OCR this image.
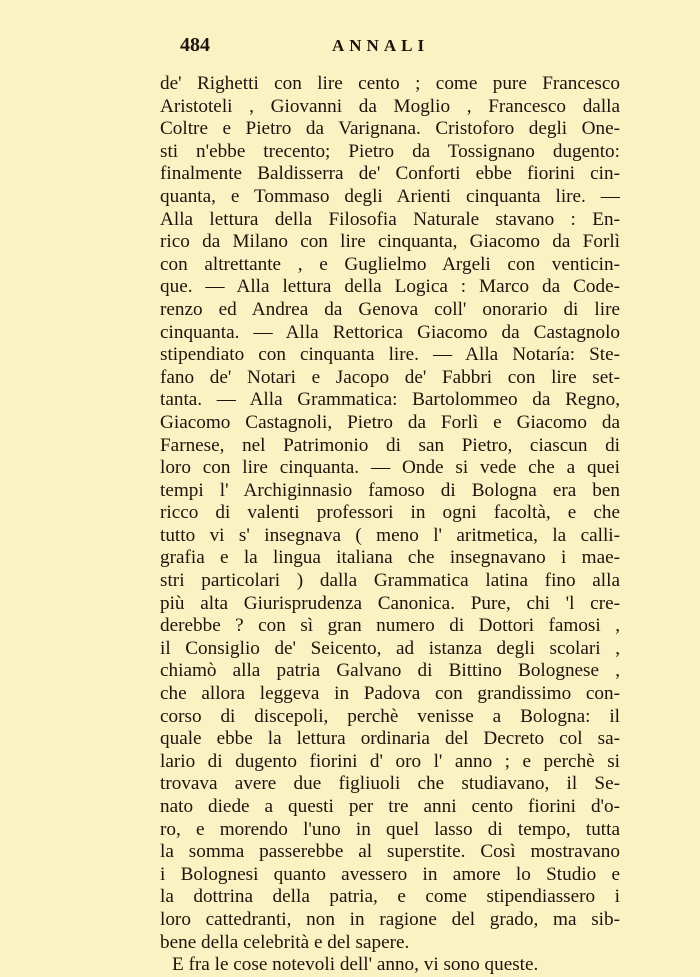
484	ANNALI
de' Righetti con lire cento ; come pure Francesco
Aristoteli , Giovanni da Moglio , Francesco dalla
Coltre e Pietro da Varignana. Cristoforo degli One-
sti n'ebbe trecento; Pietro da Tossignano dugento:
finalmente Baldisserra de' Conforti ebbe fiorini cin-
quanta, e Tommaso degli Arienti cinquanta lire. —
Alla lettura della Filosofia Naturale stavano : En-
rico da Milano con lire cinquanta, Giacomo da Forlì
con altrettante , e Guglielmo Argeli con venticin-
que. — Alla lettura della Logica : Marco da Code-
renzo ed Andrea da Genova coll' onorario di lire
cinquanta. — Alla Rettorica Giacomo da Castagnolo
stipendiato con cinquanta lire. — Alla Notaría: Ste-
fano de' Notari e Jacopo de' Fabbri con lire set-
tanta. — Alla Grammatica: Bartolommeo da Regno,
Giacomo Castagnoli, Pietro da Forlì e Giacomo da
Farnese, nel Patrimonio di san Pietro, ciascun di
loro con lire cinquanta. — Onde si vede che a quei
tempi l' Archiginnasio famoso di Bologna era ben
ricco di valenti professori in ogni facoltà, e che
tutto vi s' insegnava ( meno l' aritmetica, la calli-
grafia e la lingua italiana che insegnavano i mae-
stri particolari ) dalla Grammatica latina fino alla
più alta Giurisprudenza Canonica. Pure, chi 'l cre-
derebbe ? con sì gran numero di Dottori famosi ,
il Consiglio de' Seicento, ad istanza degli scolari ,
chiamò alla patria Galvano di Bittino Bolognese ,
che allora leggeva in Padova con grandissimo con-
corso di discepoli, perchè venisse a Bologna: il
quale ebbe la lettura ordinaria del Decreto col sa-
lario di dugento fiorini d' oro l' anno ; e perchè si
trovava avere due figliuoli che studiavano, il Se-
nato diede a questi per tre anni cento fiorini d'o-
ro, e morendo l'uno in quel lasso di tempo, tutta
la somma passerebbe al superstite. Così mostravano
i Bolognesi quanto avessero in amore lo Studio e
la dottrina della patria, e come stipendiassero i
loro cattedranti, non in ragione del grado, ma sib-
bene della celebrità e del sapere.
E fra le cose notevoli dell' anno, vi sono queste.
